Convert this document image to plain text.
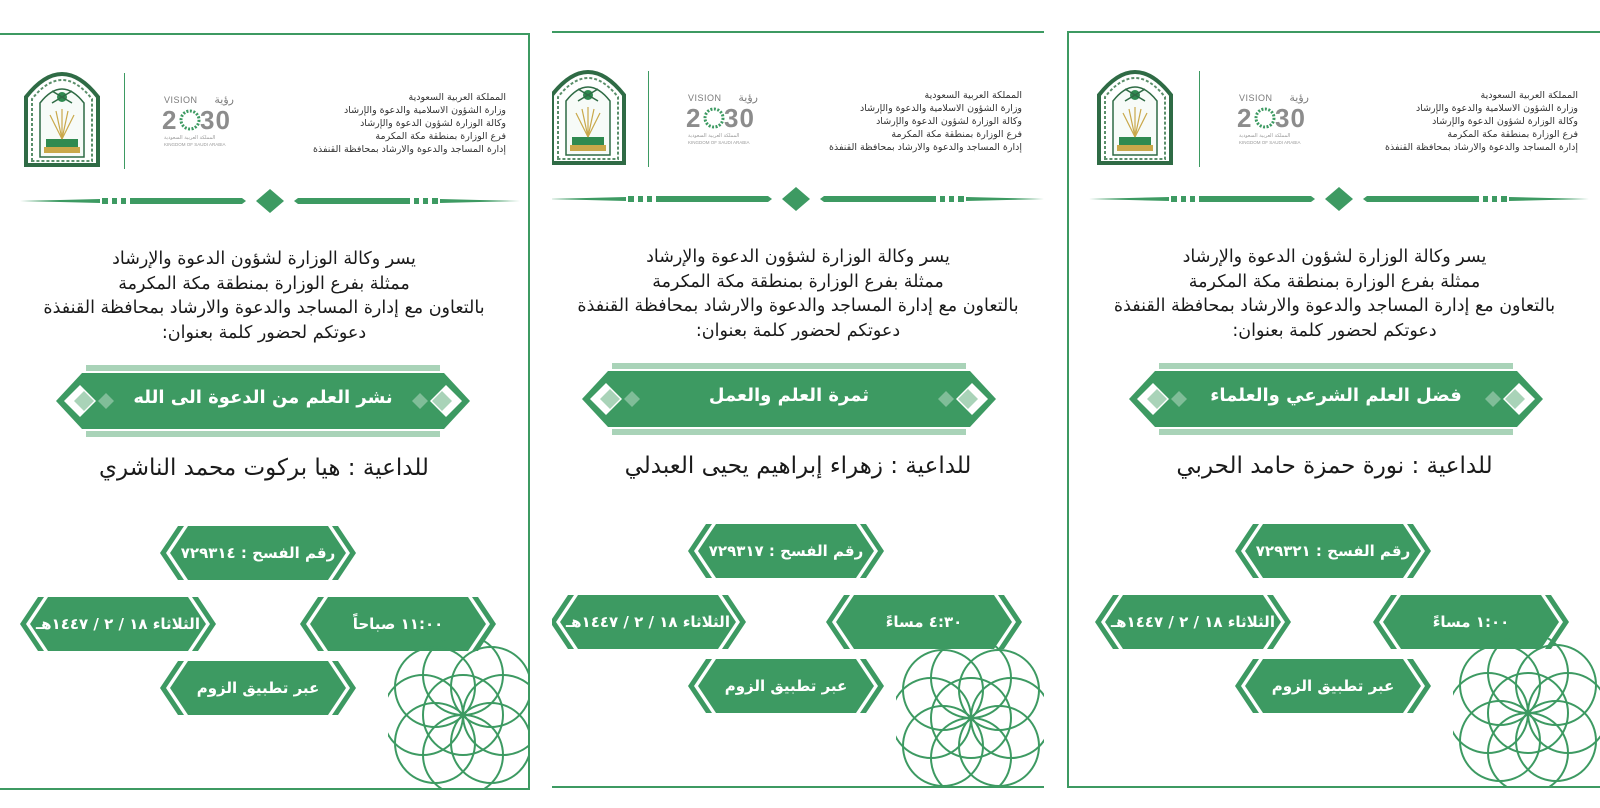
المملكة العربية السعودية
وزارة الشؤون الاسلامية والدعوة والإرشاد
وكالة الوزارة لشؤون الدعوة والإرشاد
فرع الوزارة بمنطقة مكة المكرمة
إدارة المساجد والدعوة والارشاد بمحافظة القنفذة
يسر وكالة الوزارة لشؤون الدعوة والإرشاد
ممثلة بفرع الوزارة بمنطقة مكة المكرمة
بالتعاون مع إدارة المساجد والدعوة والارشاد بمحافظة القنفذة
دعوتكم لحضور كلمة بعنوان:
نشر العلم من الدعوة الى الله
للداعية : هيا بركوت محمد الناشري
رقم الفسح : ٧٢٩٣١٤
١١:٠٠ صباحاً
الثلاثاء ١٨ / ٢ / ١٤٤٧هـ
عبر تطبيق الزوم
المملكة العربية السعودية
وزارة الشؤون الاسلامية والدعوة والإرشاد
وكالة الوزارة لشؤون الدعوة والإرشاد
فرع الوزارة بمنطقة مكة المكرمة
إدارة المساجد والدعوة والارشاد بمحافظة القنفذة
يسر وكالة الوزارة لشؤون الدعوة والإرشاد
ممثلة بفرع الوزارة بمنطقة مكة المكرمة
بالتعاون مع إدارة المساجد والدعوة والارشاد بمحافظة القنفذة
دعوتكم لحضور كلمة بعنوان:
ثمرة العلم والعمل
للداعية : زهراء إبراهيم يحيى العبدلي
رقم الفسح : ٧٢٩٣١٧
٤:٣٠ مساءً
الثلاثاء ١٨ / ٢ / ١٤٤٧هـ
عبر تطبيق الزوم
المملكة العربية السعودية
وزارة الشؤون الاسلامية والدعوة والإرشاد
وكالة الوزارة لشؤون الدعوة والإرشاد
فرع الوزارة بمنطقة مكة المكرمة
إدارة المساجد والدعوة والارشاد بمحافظة القنفذة
يسر وكالة الوزارة لشؤون الدعوة والإرشاد
ممثلة بفرع الوزارة بمنطقة مكة المكرمة
بالتعاون مع إدارة المساجد والدعوة والارشاد بمحافظة القنفذة
دعوتكم لحضور كلمة بعنوان:
فضل العلم الشرعي والعلماء
للداعية : نورة حمزة حامد الحربي
رقم الفسح : ٧٢٩٣٢١
١:٠٠ مساءً
الثلاثاء ١٨ / ٢ / ١٤٤٧هـ
عبر تطبيق الزوم
